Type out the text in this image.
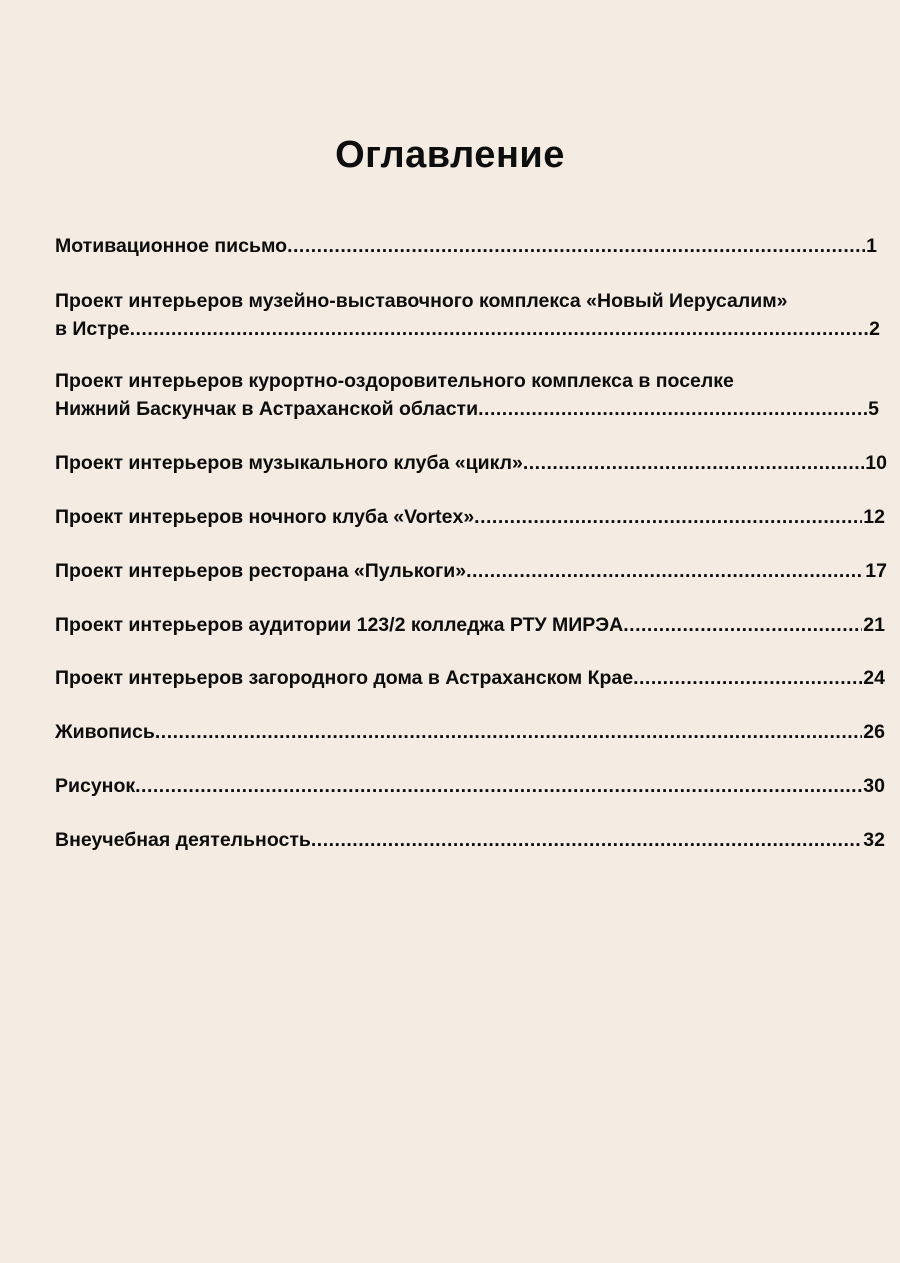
Оглавление
Мотивационное письмо .....	1
Проект интерьеров музейно-выставочного комплекса «Новый Иерусалим»
в Истре .....	2
Проект интерьеров курортно-оздоровительного комплекса в поселке
Нижний Баскунчак в Астраханской области .....	5
Проект интерьеров музыкального клуба «цикл» .....	10
Проект интерьеров ночного клуба «Vortex» .....	12
Проект интерьеров ресторана «Пулькоги» .....	17
Проект интерьеров аудитории 123/2 колледжа РТУ МИРЭА .....	21
Проект интерьеров загородного дома в Астраханском Крае .....	24
Живопись .....	26
Рисунок .....	30
Внеучебная деятельность .....	32
